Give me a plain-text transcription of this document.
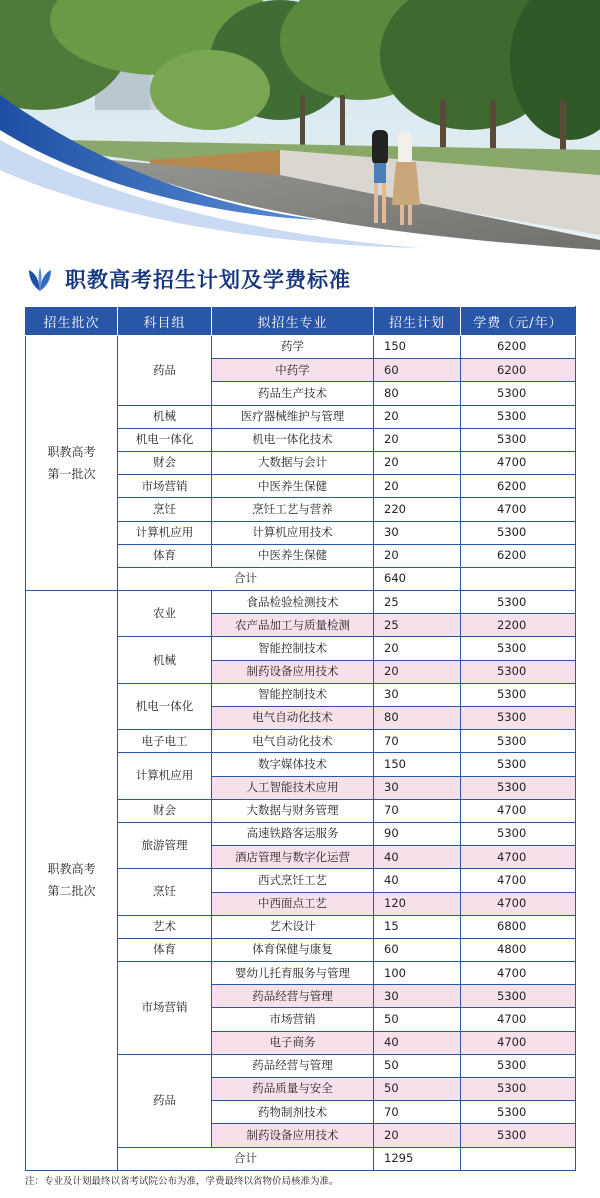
职教高考招生计划及学费标准
招生批次	科目组	拟招生专业	招生计划	学费（元/年）

职教高考
第一批次	药品	药学	150	6200
		中药学	60	6200
		药品生产技术	80	5300
	机械	医疗器械维护与管理	20	5300
	机电一体化	机电一体化技术	20	5300
	财会	大数据与会计	20	4700
	市场营销	中医养生保健	20	6200
	烹饪	烹饪工艺与营养	220	4700
	计算机应用	计算机应用技术	30	5300
	体育	中医养生保健	20	6200
	合计		640	

职教高考
第二批次	农业	食品检验检测技术	25	5300
		农产品加工与质量检测	25	2200
	机械	智能控制技术	20	5300
		制药设备应用技术	20	5300
	机电一体化	智能控制技术	30	5300
		电气自动化技术	80	5300
	电子电工	电气自动化技术	70	5300
	计算机应用	数字媒体技术	150	5300
		人工智能技术应用	30	5300
	财会	大数据与财务管理	70	4700
	旅游管理	高速铁路客运服务	90	5300
		酒店管理与数字化运营	40	4700
	烹饪	西式烹饪工艺	40	4700
		中西面点工艺	120	4700
	艺术	艺术设计	15	6800
	体育	体育保健与康复	60	4800
	市场营销	婴幼儿托育服务与管理	100	4700
		药品经营与管理	30	5300
		市场营销	50	4700
		电子商务	40	4700
	药品	药品经营与管理	50	5300
		药品质量与安全	50	5300
		药物制剂技术	70	5300
		制药设备应用技术	20	5300
	合计		1295	
注：专业及计划最终以省考试院公布为准，学费最终以省物价局核准为准。
